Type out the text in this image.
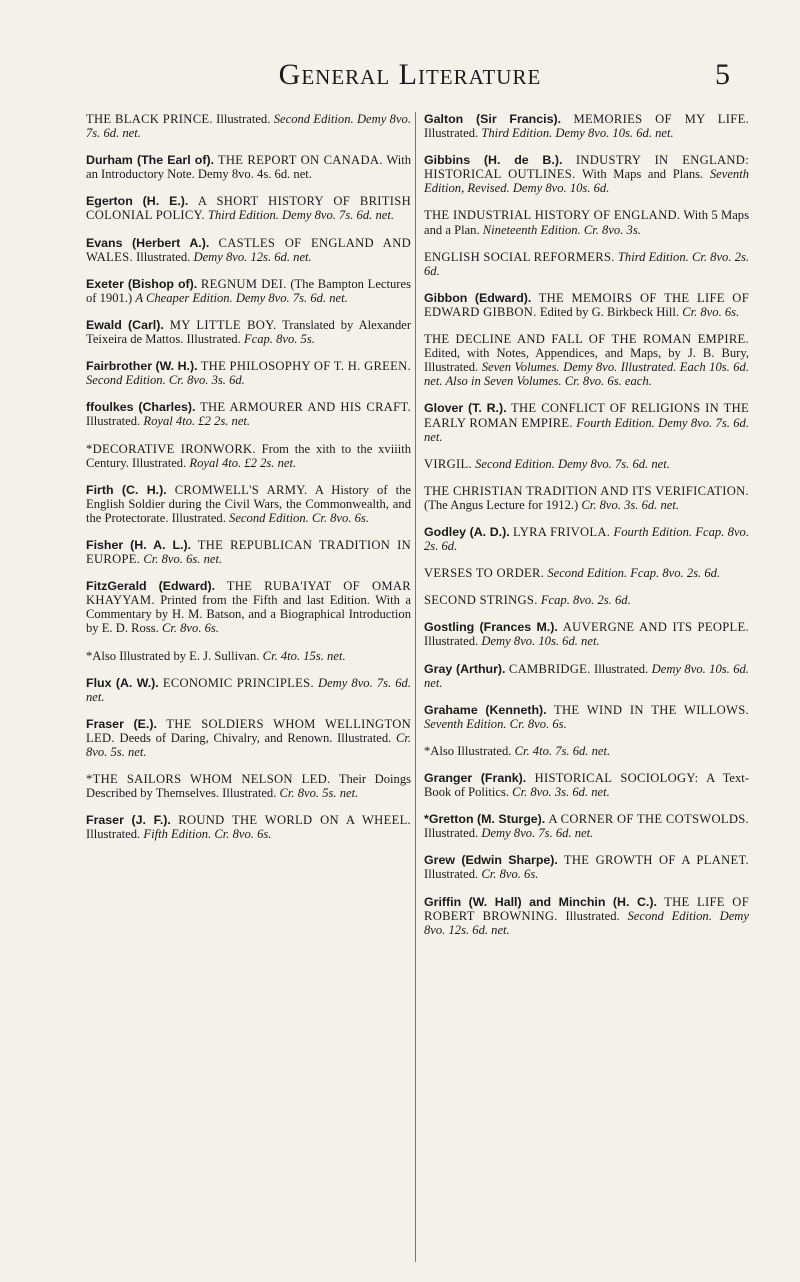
General Literature	5
THE BLACK PRINCE. Illustrated. Second Edition. Demy 8vo. 7s. 6d. net.
Durham (The Earl of). THE REPORT ON CANADA. With an Introductory Note. Demy 8vo. 4s. 6d. net.
Egerton (H. E.). A SHORT HISTORY OF BRITISH COLONIAL POLICY. Third Edition. Demy 8vo. 7s. 6d. net.
Evans (Herbert A.). CASTLES OF ENGLAND AND WALES. Illustrated. Demy 8vo. 12s. 6d. net.
Exeter (Bishop of). REGNUM DEI. (The Bampton Lectures of 1901.) A Cheaper Edition. Demy 8vo. 7s. 6d. net.
Ewald (Carl). MY LITTLE BOY. Translated by Alexander Teixeira de Mattos. Illustrated. Fcap. 8vo. 5s.
Fairbrother (W. H.). THE PHILOSOPHY OF T. H. GREEN. Second Edition. Cr. 8vo. 3s. 6d.
ffoulkes (Charles). THE ARMOURER AND HIS CRAFT. Illustrated. Royal 4to. £2 2s. net.
*DECORATIVE IRONWORK. From the xith to the xviiith Century. Illustrated. Royal 4to. £2 2s. net.
Firth (C. H.). CROMWELL'S ARMY. A History of the English Soldier during the Civil Wars, the Commonwealth, and the Protectorate. Illustrated. Second Edition. Cr. 8vo. 6s.
Fisher (H. A. L.). THE REPUBLICAN TRADITION IN EUROPE. Cr. 8vo. 6s. net.
FitzGerald (Edward). THE RUBA'IYAT OF OMAR KHAYYAM. Printed from the Fifth and last Edition. With a Commentary by H. M. Batson, and a Biographical Introduction by E. D. Ross. Cr. 8vo. 6s.
*Also Illustrated by E. J. Sullivan. Cr. 4to. 15s. net.
Flux (A. W.). ECONOMIC PRINCIPLES. Demy 8vo. 7s. 6d. net.
Fraser (E.). THE SOLDIERS WHOM WELLINGTON LED. Deeds of Daring, Chivalry, and Renown. Illustrated. Cr. 8vo. 5s. net.
*THE SAILORS WHOM NELSON LED. Their Doings Described by Themselves. Illustrated. Cr. 8vo. 5s. net.
Fraser (J. F.). ROUND THE WORLD ON A WHEEL. Illustrated. Fifth Edition. Cr. 8vo. 6s.
Galton (Sir Francis). MEMORIES OF MY LIFE. Illustrated. Third Edition. Demy 8vo. 10s. 6d. net.
Gibbins (H. de B.). INDUSTRY IN ENGLAND: HISTORICAL OUTLINES. With Maps and Plans. Seventh Edition, Revised. Demy 8vo. 10s. 6d.
THE INDUSTRIAL HISTORY OF ENGLAND. With 5 Maps and a Plan. Nineteenth Edition. Cr. 8vo. 3s.
ENGLISH SOCIAL REFORMERS. Third Edition. Cr. 8vo. 2s. 6d.
Gibbon (Edward). THE MEMOIRS OF THE LIFE OF EDWARD GIBBON. Edited by G. Birkbeck Hill. Cr. 8vo. 6s.
THE DECLINE AND FALL OF THE ROMAN EMPIRE. Edited, with Notes, Appendices, and Maps, by J. B. Bury, Illustrated. Seven Volumes. Demy 8vo. Illustrated. Each 10s. 6d. net. Also in Seven Volumes. Cr. 8vo. 6s. each.
Glover (T. R.). THE CONFLICT OF RELIGIONS IN THE EARLY ROMAN EMPIRE. Fourth Edition. Demy 8vo. 7s. 6d. net.
VIRGIL. Second Edition. Demy 8vo. 7s. 6d. net.
THE CHRISTIAN TRADITION AND ITS VERIFICATION. (The Angus Lecture for 1912.) Cr. 8vo. 3s. 6d. net.
Godley (A. D.). LYRA FRIVOLA. Fourth Edition. Fcap. 8vo. 2s. 6d.
VERSES TO ORDER. Second Edition. Fcap. 8vo. 2s. 6d.
SECOND STRINGS. Fcap. 8vo. 2s. 6d.
Gostling (Frances M.). AUVERGNE AND ITS PEOPLE. Illustrated. Demy 8vo. 10s. 6d. net.
Gray (Arthur). CAMBRIDGE. Illustrated. Demy 8vo. 10s. 6d. net.
Grahame (Kenneth). THE WIND IN THE WILLOWS. Seventh Edition. Cr. 8vo. 6s.
*Also Illustrated. Cr. 4to. 7s. 6d. net.
Granger (Frank). HISTORICAL SOCIOLOGY: A Text-Book of Politics. Cr. 8vo. 3s. 6d. net.
*Gretton (M. Sturge). A CORNER OF THE COTSWOLDS. Illustrated. Demy 8vo. 7s. 6d. net.
Grew (Edwin Sharpe). THE GROWTH OF A PLANET. Illustrated. Cr. 8vo. 6s.
Griffin (W. Hall) and Minchin (H. C.). THE LIFE OF ROBERT BROWNING. Illustrated. Second Edition. Demy 8vo. 12s. 6d. net.
